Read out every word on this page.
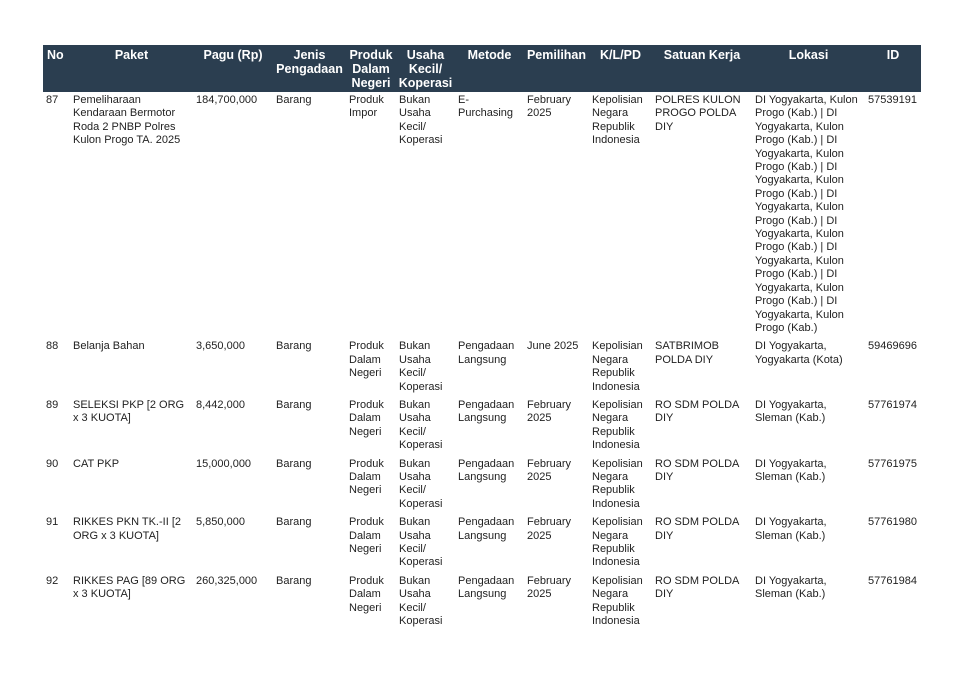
No	Paket	Pagu (Rp)	Jenis Pengadaan	Produk Dalam Negeri	Usaha Kecil/ Koperasi	Metode	Pemilihan	K/L/PD	Satuan Kerja	Lokasi	ID
87	Pemeliharaan Kendaraan Bermotor Roda 2 PNBP Polres Kulon Progo TA. 2025	184,700,000	Barang	Produk Impor	Bukan Usaha Kecil/ Koperasi	E-Purchasing	February 2025	Kepolisian Negara Republik Indonesia	POLRES KULON PROGO POLDA DIY	DI Yogyakarta, Kulon Progo (Kab.) | DI Yogyakarta, Kulon Progo (Kab.) | DI Yogyakarta, Kulon Progo (Kab.) | DI Yogyakarta, Kulon Progo (Kab.) | DI Yogyakarta, Kulon Progo (Kab.) | DI Yogyakarta, Kulon Progo (Kab.) | DI Yogyakarta, Kulon Progo (Kab.) | DI Yogyakarta, Kulon Progo (Kab.) | DI Yogyakarta, Kulon Progo (Kab.)	57539191
88	Belanja Bahan	3,650,000	Barang	Produk Dalam Negeri	Bukan Usaha Kecil/ Koperasi	Pengadaan Langsung	June 2025	Kepolisian Negara Republik Indonesia	SATBRIMOB POLDA DIY	DI Yogyakarta, Yogyakarta (Kota)	59469696
89	SELEKSI PKP [2 ORG x 3 KUOTA]	8,442,000	Barang	Produk Dalam Negeri	Bukan Usaha Kecil/ Koperasi	Pengadaan Langsung	February 2025	Kepolisian Negara Republik Indonesia	RO SDM POLDA DIY	DI Yogyakarta, Sleman (Kab.)	57761974
90	CAT PKP	15,000,000	Barang	Produk Dalam Negeri	Bukan Usaha Kecil/ Koperasi	Pengadaan Langsung	February 2025	Kepolisian Negara Republik Indonesia	RO SDM POLDA DIY	DI Yogyakarta, Sleman (Kab.)	57761975
91	RIKKES PKN TK.-II [2 ORG x 3 KUOTA]	5,850,000	Barang	Produk Dalam Negeri	Bukan Usaha Kecil/ Koperasi	Pengadaan Langsung	February 2025	Kepolisian Negara Republik Indonesia	RO SDM POLDA DIY	DI Yogyakarta, Sleman (Kab.)	57761980
92	RIKKES PAG [89 ORG x 3 KUOTA]	260,325,000	Barang	Produk Dalam Negeri	Bukan Usaha Kecil/ Koperasi	Pengadaan Langsung	February 2025	Kepolisian Negara Republik Indonesia	RO SDM POLDA DIY	DI Yogyakarta, Sleman (Kab.)	57761984
